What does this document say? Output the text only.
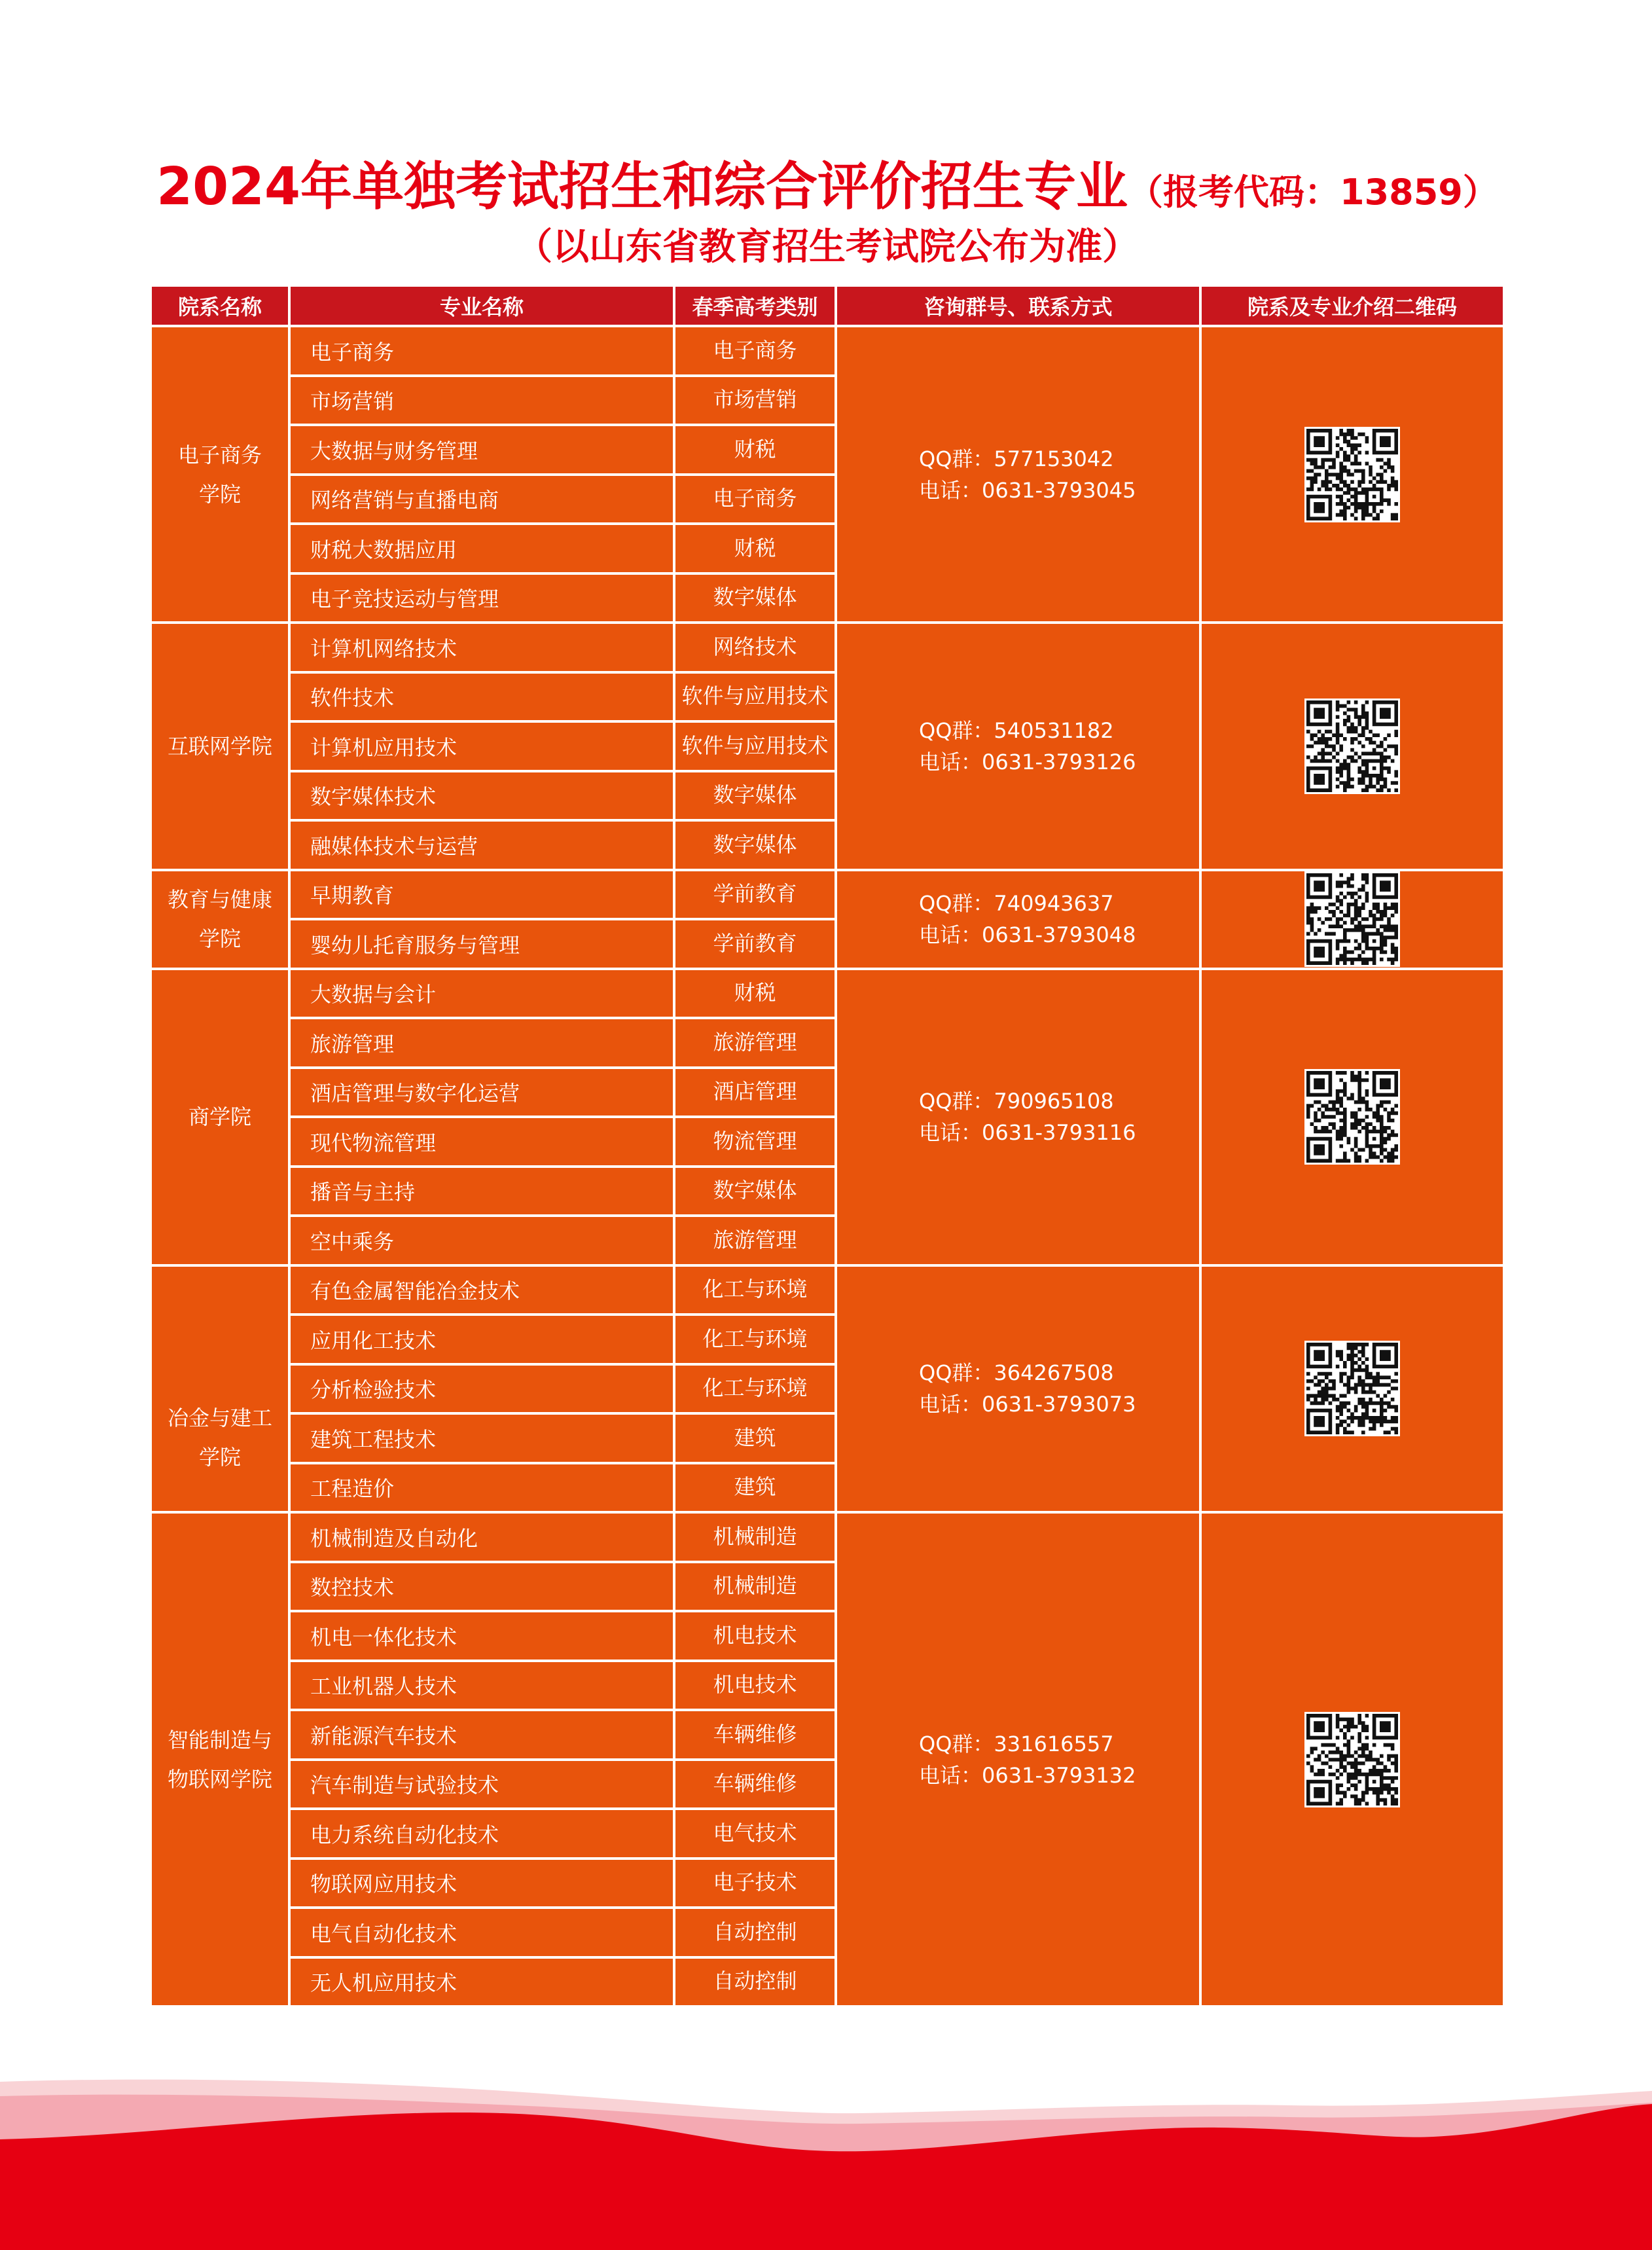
2024年单独考试招生和综合评价招生专业（报考代码：13859）
（以山东省教育招生考试院公布为准）
院系名称	专业名称	春季高考类别	咨询群号、联系方式	院系及专业介绍二维码
电子商务
学院
电子商务	电子商务
市场营销	市场营销
大数据与财务管理	财税
网络营销与直播电商	电子商务
财税大数据应用	财税
电子竞技运动与管理	数字媒体
QQ群：577153042
电话：0631-3793045
互联网学院
计算机网络技术	网络技术
软件技术	软件与应用技术
计算机应用技术	软件与应用技术
数字媒体技术	数字媒体
融媒体技术与运营	数字媒体
QQ群：540531182
电话：0631-3793126
教育与健康
学院
早期教育	学前教育
婴幼儿托育服务与管理	学前教育
QQ群：740943637
电话：0631-3793048
商学院
大数据与会计	财税
旅游管理	旅游管理
酒店管理与数字化运营	酒店管理
现代物流管理	物流管理
播音与主持	数字媒体
空中乘务	旅游管理
QQ群：790965108
电话：0631-3793116
冶金与建工
学院
有色金属智能冶金技术	化工与环境
应用化工技术	化工与环境
分析检验技术	化工与环境
建筑工程技术	建筑
工程造价	建筑
QQ群：364267508
电话：0631-3793073
智能制造与
物联网学院
机械制造及自动化	机械制造
数控技术	机械制造
机电一体化技术	机电技术
工业机器人技术	机电技术
新能源汽车技术	车辆维修
汽车制造与试验技术	车辆维修
电力系统自动化技术	电气技术
物联网应用技术	电子技术
电气自动化技术	自动控制
无人机应用技术	自动控制
QQ群：331616557
电话：0631-3793132
